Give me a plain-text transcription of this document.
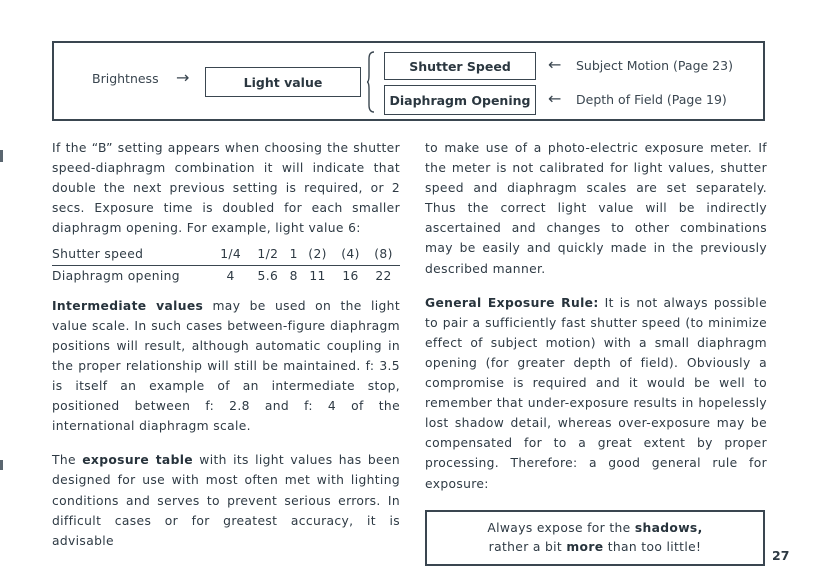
Brightness →	Light value
Shutter Speed
Diaphragm Opening
← Subject Motion (Page 23)
← Depth of Field (Page 19)

If the “B” setting appears when choosing the shutter speed-diaphragm combination it will indicate that double the next previous setting is required, or 2 secs. Exposure time is doubled for each smaller diaphragm opening. For example, light value 6:

Shutter speed	1/4	1/2	1	(2)	(4)	(8)
Diaphragm opening	4	5.6	8	11	16	22

Intermediate values may be used on the light value scale. In such cases between-figure diaphragm positions will result, although automatic coupling in the proper relationship will still be maintained. f: 3.5 is itself an example of an intermediate stop, positioned between f: 2.8 and f: 4 of the international diaphragm scale.

The exposure table with its light values has been designed for use with most often met with lighting conditions and serves to prevent serious errors. In difficult cases or for greatest accuracy, it is advisable

to make use of a photo-electric exposure meter. If the meter is not calibrated for light values, shutter speed and diaphragm scales are set separately. Thus the correct light value will be indirectly ascertained and changes to other combinations may be easily and quickly made in the previously described manner.

General Exposure Rule: It is not always possible to pair a sufficiently fast shutter speed (to minimize effect of subject motion) with a small diaphragm opening (for greater depth of field). Obviously a compromise is required and it would be well to remember that under-exposure results in hopelessly lost shadow detail, whereas over-exposure may be compensated for to a great extent by proper processing. Therefore: a good general rule for exposure:

Always expose for the shadows,
rather a bit more than too little!
27
